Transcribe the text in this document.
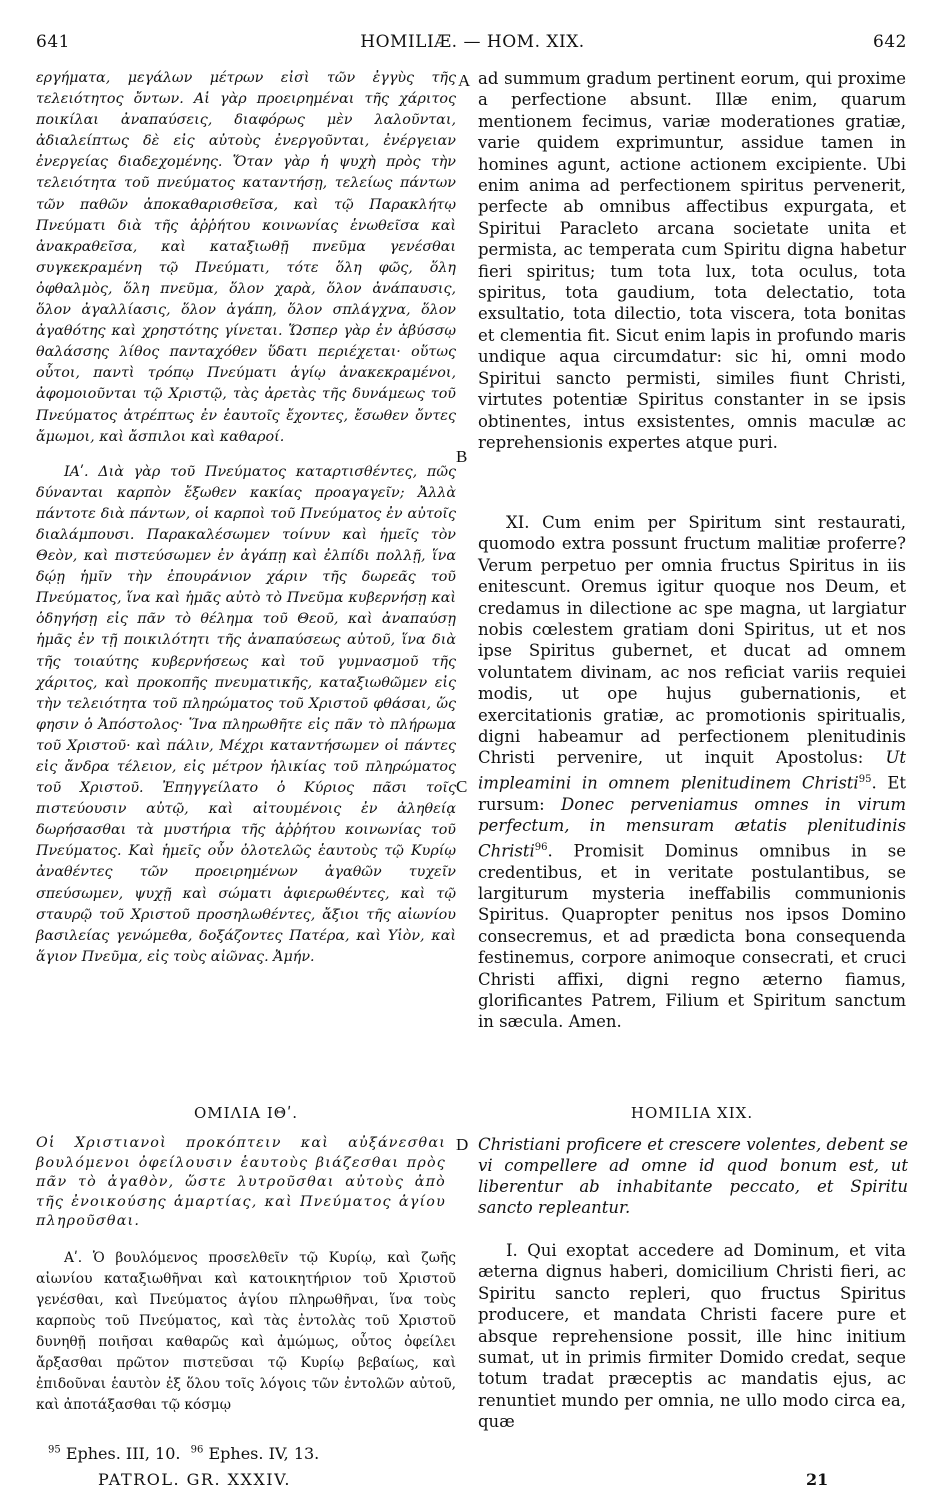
641	HOMILIÆ. — HOM. XIX.	642

εργήματα, μεγάλων μέτρων εἰσὶ τῶν ἐγγὺς τῆς τελειότητος ὄντων. Αἱ γὰρ προειρημέναι τῆς χάριτος ποικίλαι ἀναπαύσεις, διαφόρως μὲν λαλοῦνται, ἀδιαλείπτως δὲ εἰς αὐτοὺς ἐνεργοῦνται, ἐνέργειαν ἐνεργείας διαδεχομένης. Ὅταν γὰρ ἡ ψυχὴ πρὸς τὴν τελειότητα τοῦ πνεύματος καταντήσῃ, τελείως πάντων τῶν παθῶν ἀποκαθαρισθεῖσα, καὶ τῷ Παρακλήτῳ Πνεύματι διὰ τῆς ἀῤῥήτου κοινωνίας ἑνωθεῖσα καὶ ἀνακραθεῖσα, καὶ καταξιωθῇ πνεῦμα γενέσθαι συγκεκραμένη τῷ Πνεύματι, τότε ὅλη φῶς, ὅλη ὀφθαλμὸς, ὅλη πνεῦμα, ὅλον χαρὰ, ὅλον ἀνάπαυσις, ὅλον ἀγαλλίασις, ὅλον ἀγάπη, ὅλον σπλάγχνα, ὅλον ἀγαθότης καὶ χρηστότης γίνεται. Ὥσπερ γὰρ ἐν ἀβύσσῳ θαλάσσης λίθος πανταχόθεν ὕδατι περιέχεται· οὕτως οὗτοι, παντὶ τρόπῳ Πνεύματι ἁγίῳ ἀνακεκραμένοι, ἀφομοιοῦνται τῷ Χριστῷ, τὰς ἀρετὰς τῆς δυνάμεως τοῦ Πνεύματος ἀτρέπτως ἐν ἑαυτοῖς ἔχοντες, ἔσωθεν ὄντες ἄμωμοι, καὶ ἄσπιλοι καὶ καθαροί.

ΙΑʹ. Διὰ γὰρ τοῦ Πνεύματος καταρτισθέντες, πῶς δύνανται καρπὸν ἔξωθεν κακίας προαγαγεῖν; Ἀλλὰ πάντοτε διὰ πάντων, οἱ καρποὶ τοῦ Πνεύματος ἐν αὐτοῖς διαλάμπουσι. Παρακαλέσωμεν τοίνυν καὶ ἡμεῖς τὸν Θεὸν, καὶ πιστεύσωμεν ἐν ἀγάπῃ καὶ ἐλπίδι πολλῇ, ἵνα δῴῃ ἡμῖν τὴν ἐπουράνιον χάριν τῆς δωρεᾶς τοῦ Πνεύματος, ἵνα καὶ ἡμᾶς αὐτὸ τὸ Πνεῦμα κυβερνήσῃ καὶ ὁδηγήσῃ εἰς πᾶν τὸ θέλημα τοῦ Θεοῦ, καὶ ἀναπαύσῃ ἡμᾶς ἐν τῇ ποικιλότητι τῆς ἀναπαύσεως αὐτοῦ, ἵνα διὰ τῆς τοιαύτης κυβερνήσεως καὶ τοῦ γυμνασμοῦ τῆς χάριτος, καὶ προκοπῆς πνευματικῆς, καταξιωθῶμεν εἰς τὴν τελειότητα τοῦ πληρώματος τοῦ Χριστοῦ φθάσαι, ὥς φησιν ὁ Ἀπόστολος· Ἵνα πληρωθῆτε εἰς πᾶν τὸ πλήρωμα τοῦ Χριστοῦ· καὶ πάλιν, Μέχρι καταντήσωμεν οἱ πάντες εἰς ἄνδρα τέλειον, εἰς μέτρον ἡλικίας τοῦ πληρώματος τοῦ Χριστοῦ. Ἐπηγγείλατο ὁ Κύριος πᾶσι τοῖς πιστεύουσιν αὐτῷ, καὶ αἰτουμένοις ἐν ἀληθείᾳ δωρήσασθαι τὰ μυστήρια τῆς ἀῤῥήτου κοινωνίας τοῦ Πνεύματος. Καὶ ἡμεῖς οὖν ὁλοτελῶς ἑαυτοὺς τῷ Κυρίῳ ἀναθέντες τῶν προειρημένων ἀγαθῶν τυχεῖν σπεύσωμεν, ψυχῇ καὶ σώματι ἀφιερωθέντες, καὶ τῷ σταυρῷ τοῦ Χριστοῦ προσηλωθέντες, ἄξιοι τῆς αἰωνίου βασιλείας γενώμεθα, δοξάζοντες Πατέρα, καὶ Υἱὸν, καὶ ἅγιον Πνεῦμα, εἰς τοὺς αἰῶνας. Ἀμήν.

ad summum gradum pertinent eorum, qui proxime a perfectione absunt. Illæ enim, quarum mentionem fecimus, variæ moderationes gratiæ, varie quidem exprimuntur, assidue tamen in homines agunt, actione actionem excipiente. Ubi enim anima ad perfectionem spiritus pervenerit, perfecte ab omnibus affectibus expurgata, et Spiritui Paracleto arcana societate unita et permista, ac temperata cum Spiritu digna habetur fieri spiritus; tum tota lux, tota oculus, tota spiritus, tota gaudium, tota delectatio, tota exsultatio, tota dilectio, tota viscera, tota bonitas et clementia fit. Sicut enim lapis in profundo maris undique aqua circumdatur: sic hi, omni modo Spiritui sancto permisti, similes fiunt Christi, virtutes potentiæ Spiritus constanter in se ipsis obtinentes, intus exsistentes, omnis maculæ ac reprehensionis expertes atque puri.

XI. Cum enim per Spiritum sint restaurati, quomodo extra possunt fructum malitiæ proferre? Verum perpetuo per omnia fructus Spiritus in iis enitescunt. Oremus igitur quoque nos Deum, et credamus in dilectione ac spe magna, ut largiatur nobis cœlestem gratiam doni Spiritus, ut et nos ipse Spiritus gubernet, et ducat ad omnem voluntatem divinam, ac nos reficiat variis requiei modis, ut ope hujus gubernationis, et exercitationis gratiæ, ac promotionis spiritualis, digni habeamur ad perfectionem plenitudinis Christi pervenire, ut inquit Apostolus: Ut impleamini in omnem plenitudinem Christi$^{95}$. Et rursum: Donec perveniamus omnes in virum perfectum, in mensuram ætatis plenitudinis Christi$^{96}$. Promisit Dominus omnibus in se credentibus, et in veritate postulantibus, se largiturum mysteria ineffabilis communionis Spiritus. Quapropter penitus nos ipsos Domino consecremus, et ad prædicta bona consequenda festinemus, corpore animoque consecrati, et cruci Christi affixi, digni regno æterno fiamus, glorificantes Patrem, Filium et Spiritum sanctum in sæcula. Amen.

A
B
C
D
ΟΜΙΛΙΑ ΙΘʹ.	HOMILIA XIX.
Οἱ Χριστιανοὶ προκόπτειν καὶ αὐξάνεσθαι βουλόμενοι ὀφείλουσιν ἑαυτοὺς βιάζεσθαι πρὸς πᾶν τὸ ἀγαθὸν, ὥστε λυτροῦσθαι αὐτοὺς ἀπὸ τῆς ἐνοικούσης ἁμαρτίας, καὶ Πνεύματος ἁγίου πληροῦσθαι.
Christiani proficere et crescere volentes, debent se vi compellere ad omne id quod bonum est, ut liberentur ab inhabitante peccato, et Spiritu sancto repleantur.

Αʹ. Ὁ βουλόμενος προσελθεῖν τῷ Κυρίῳ, καὶ ζωῆς αἰωνίου καταξιωθῆναι καὶ κατοικητήριον τοῦ Χριστοῦ γενέσθαι, καὶ Πνεύματος ἁγίου πληρωθῆναι, ἵνα τοὺς καρποὺς τοῦ Πνεύματος, καὶ τὰς ἐντολὰς τοῦ Χριστοῦ δυνηθῇ ποιῆσαι καθαρῶς καὶ ἀμώμως, οὗτος ὀφείλει ἄρξασθαι πρῶτον πιστεῦσαι τῷ Κυρίῳ βεβαίως, καὶ ἐπιδοῦναι ἑαυτὸν ἐξ ὅλου τοῖς λόγοις τῶν ἐντολῶν αὐτοῦ, καὶ ἀποτάξασθαι τῷ κόσμῳ

I. Qui exoptat accedere ad Dominum, et vita æterna dignus haberi, domicilium Christi fieri, ac Spiritu sancto repleri, quo fructus Spiritus producere, et mandata Christi facere pure et absque reprehensione possit, ille hinc initium sumat, ut in primis firmiter Domido credat, seque totum tradat præceptis ac mandatis ejus, ac renuntiet mundo per omnia, ne ullo modo circa ea, quæ

$^{95}$ Ephes. III, 10. $^{96}$ Ephes. IV, 13.
PATROL. GR. XXXIV.	21
